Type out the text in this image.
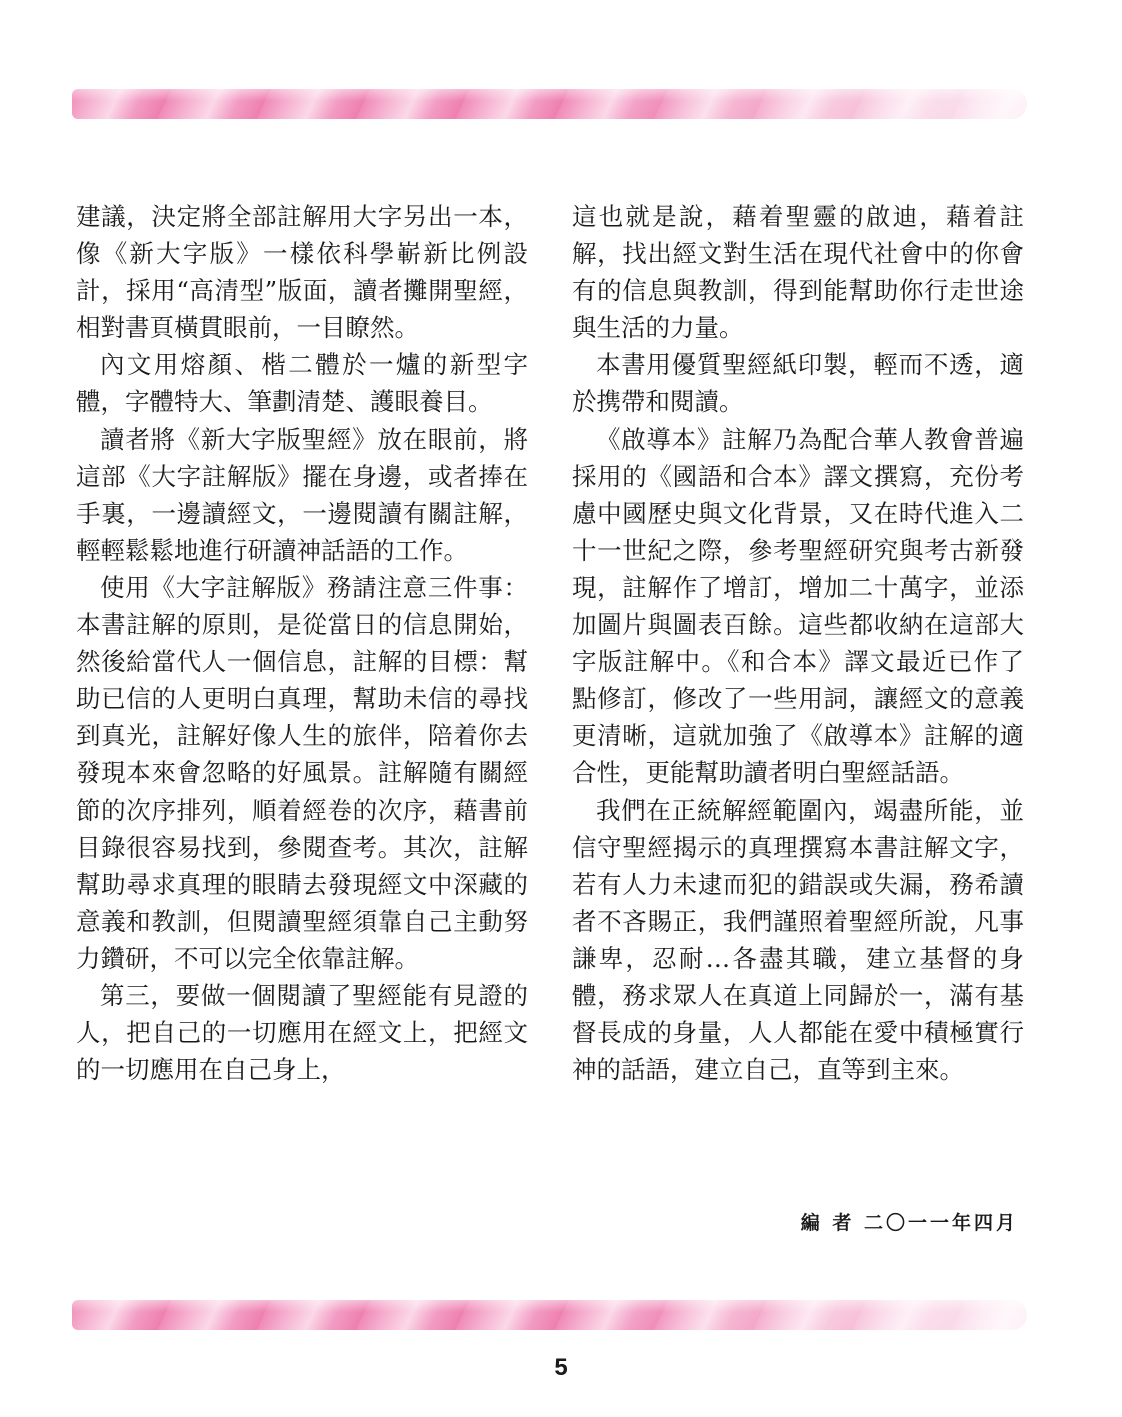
建議，決定將全部註解用大字另出一本，像《新大字版》一樣依科學嶄新比例設計，採用“高清型”版面，讀者攤開聖經，相對書頁橫貫眼前，一目瞭然。

內文用熔顏、楷二體於一爐的新型字體，字體特大、筆劃清楚、護眼養目。

讀者將《新大字版聖經》放在眼前，將這部《大字註解版》擺在身邊，或者捧在手裏，一邊讀經文，一邊閱讀有關註解，輕輕鬆鬆地進行研讀神話語的工作。

使用《大字註解版》務請注意三件事：本書註解的原則，是從當日的信息開始，然後給當代人一個信息，註解的目標：幫助已信的人更明白真理，幫助未信的尋找到真光，註解好像人生的旅伴，陪着你去發現本來會忽略的好風景。註解隨有關經節的次序排列，順着經卷的次序，藉書前目錄很容易找到，參閱查考。其次，註解幫助尋求真理的眼睛去發現經文中深藏的意義和教訓，但閱讀聖經須靠自己主動努力鑽研，不可以完全依靠註解。

第三，要做一個閱讀了聖經能有見證的人，把自己的一切應用在經文上，把經文的一切應用在自己身上，

這也就是說，藉着聖靈的啟迪，藉着註解，找出經文對生活在現代社會中的你會有的信息與教訓，得到能幫助你行走世途與生活的力量。

本書用優質聖經紙印製，輕而不透，適於携帶和閱讀。

《啟導本》註解乃為配合華人教會普遍採用的《國語和合本》譯文撰寫，充份考慮中國歷史與文化背景，又在時代進入二十一世紀之際，參考聖經研究與考古新發現，註解作了增訂，增加二十萬字，並添加圖片與圖表百餘。這些都收納在這部大字版註解中。《和合本》譯文最近已作了點修訂，修改了一些用詞，讓經文的意義更清晰，這就加強了《啟導本》註解的適合性，更能幫助讀者明白聖經話語。

我們在正統解經範圍內，竭盡所能，並信守聖經揭示的真理撰寫本書註解文字，若有人力未逮而犯的錯誤或失漏，務希讀者不吝賜正，我們謹照着聖經所說，凡事謙卑，忍耐…各盡其職，建立基督的身體，務求眾人在真道上同歸於一，滿有基督長成的身量，人人都能在愛中積極實行神的話語，建立自己，直等到主來。

編 者 二〇一一年四月
5
